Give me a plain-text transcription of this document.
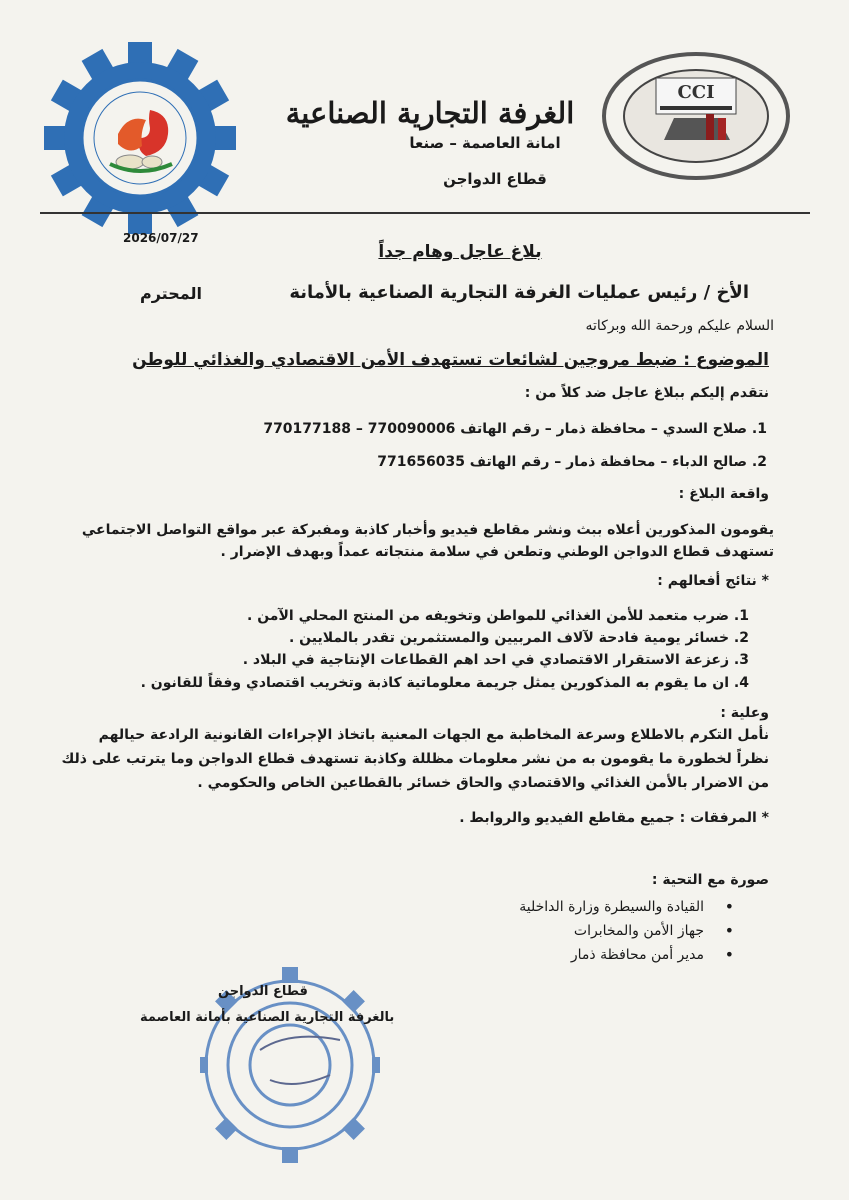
CCI
الغرفة التجارية الصناعية
امانة العاصمة – صنعا
قطاع الدواجن
2026/07/27
بلاغ عاجل وهام جداً
الأخ / رئيس عمليات الغرفة التجارية الصناعية بالأمانة
المحترم
السلام عليكم ورحمة الله وبركاته
الموضوع : ضبط مروجين لشائعات تستهدف الأمن الاقتصادي والغذائي للوطن
نتقدم إليكم ببلاغ عاجل ضد كلاً من :
1. صلاح السدي – محافظة ذمار – رقم الهاتف 770090006 – 770177188
2. صالح الدباء – محافظة ذمار – رقم الهاتف 771656035
واقعة البلاغ :
يقومون المذكورين أعلاه ببث ونشر مقاطع فيديو وأخبار كاذبة ومفبركة عبر مواقع التواصل الاجتماعي
تستهدف قطاع الدواجن الوطني وتطعن في سلامة منتجاته عمداً وبهدف الإضرار .
* نتائج أفعالهم :
1. ضرب متعمد للأمن الغذائي للمواطن وتخويفه من المنتج المحلي الآمن .
2. خسائر يومية فادحة لآلاف المربيين والمستثمرين تقدر بالملايين .
3. زعزعة الاستقرار الاقتصادي في احد اهم القطاعات الإنتاجية في البلاد .
4. ان ما يقوم به المذكورين يمثل جريمة معلوماتية كاذبة وتخريب اقتصادي وفقاً للقانون .
وعلية :
نأمل التكرم بالاطلاع وسرعة المخاطبة مع الجهات المعنية باتخاذ الإجراءات القانونية الرادعة حيالهم
نظراً لخطورة ما يقومون به من نشر معلومات مظللة وكاذبة تستهدف قطاع الدواجن وما يترتب على ذلك
من الاضرار بالأمن الغذائي والاقتصادي والحاق خسائر بالقطاعين الخاص والحكومي .
* المرفقات : جميع مقاطع الفيديو والروابط .
صورة مع التحية :
•
القيادة والسيطرة وزارة الداخلية
•
جهاز الأمن والمخابرات
•
مدير أمن محافظة ذمار
قطاع الدواجن
بالغرفة التجارية الصناعية بأمانة العاصمة
